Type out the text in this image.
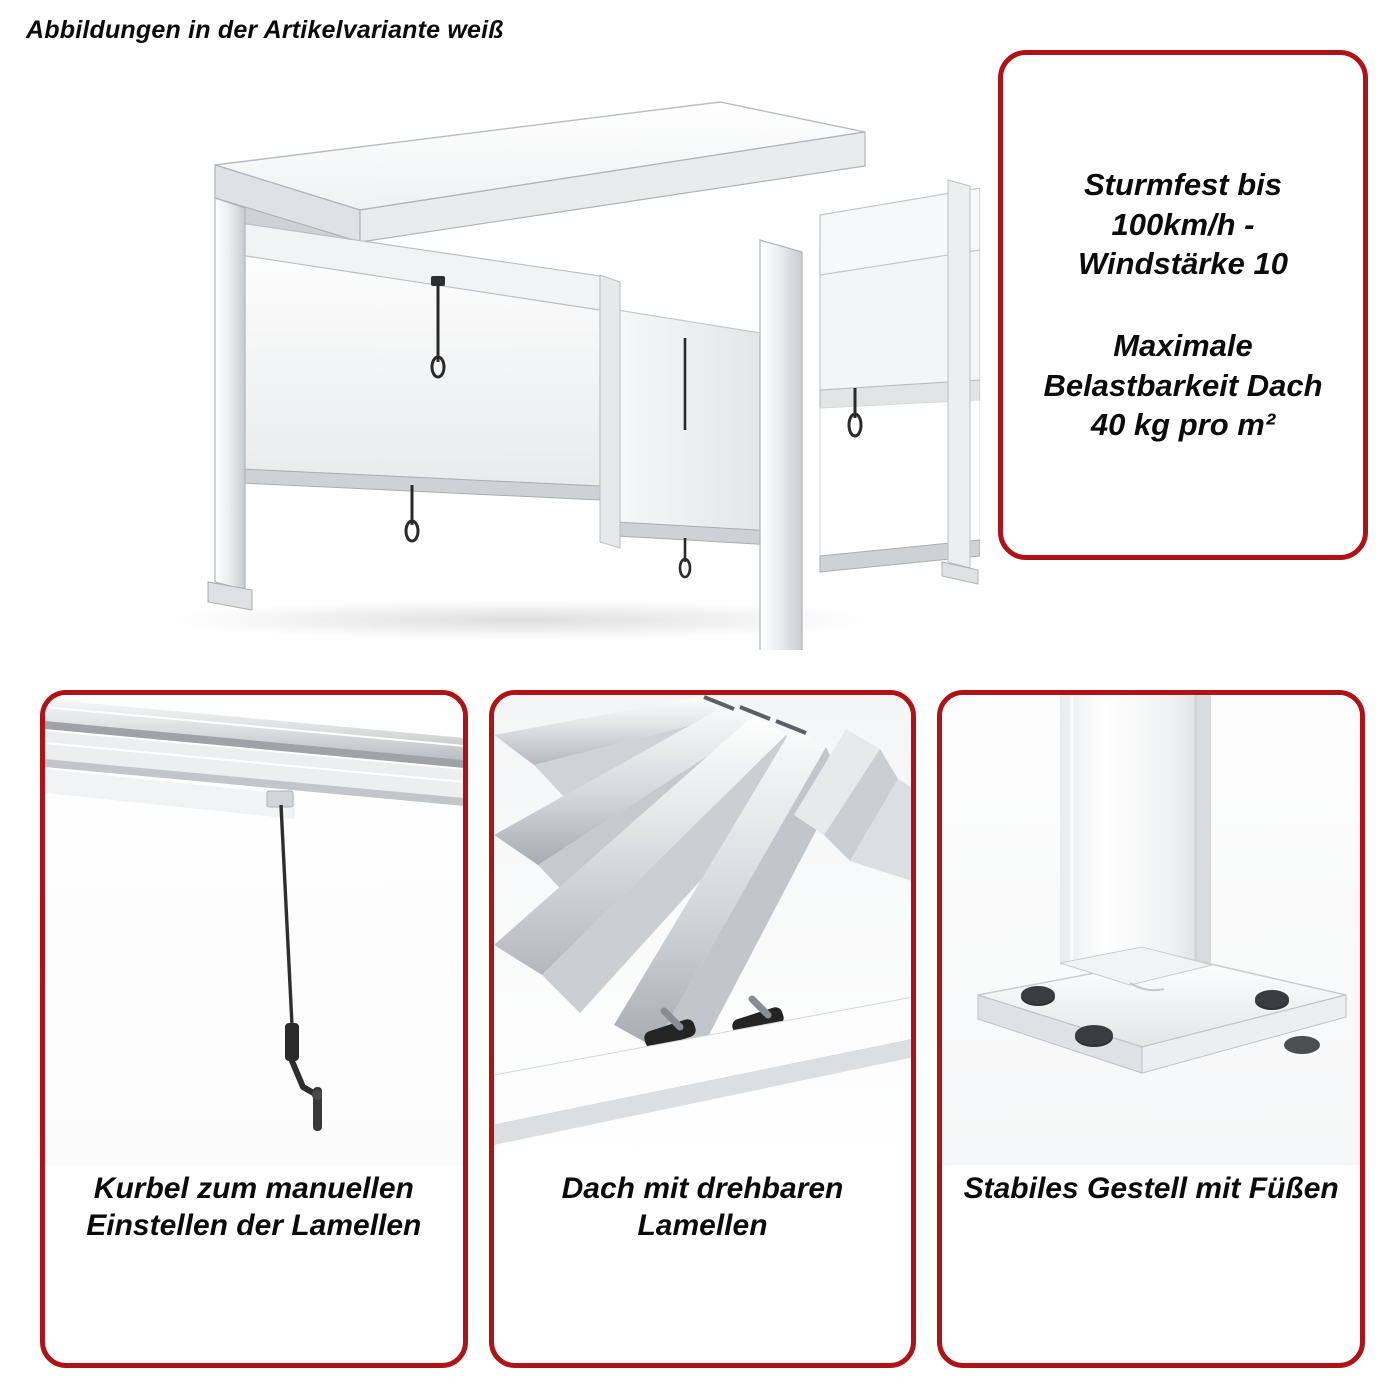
Abbildungen in der Artikelvariante weiß

Sturmfest bis 100km/h - Windstärke 10

Maximale Belastbarkeit Dach 40 kg pro m²

Kurbel zum manuellen Einstellen der Lamellen
Dach mit drehbaren Lamellen
Stabiles Gestell mit Füßen
